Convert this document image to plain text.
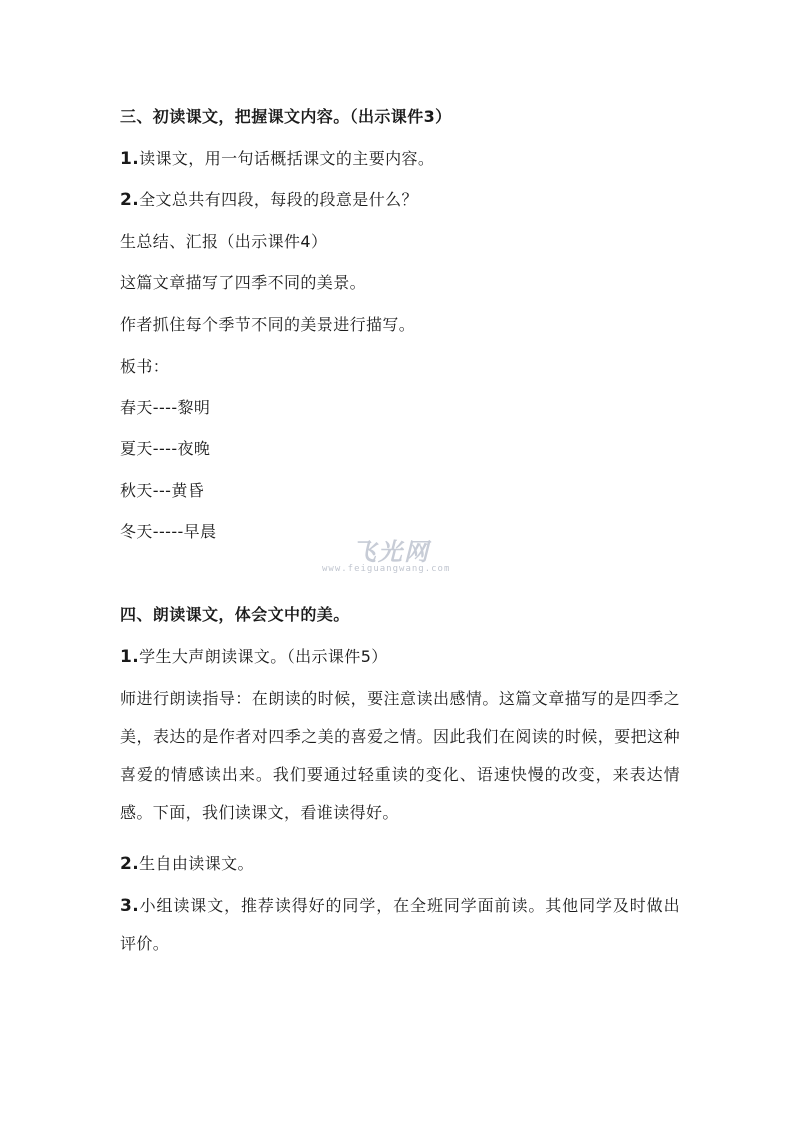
三、初读课文，把握课文内容。（出示课件3）
1.读课文，用一句话概括课文的主要内容。
2.全文总共有四段，每段的段意是什么？
生总结、汇报（出示课件4）
这篇文章描写了四季不同的美景。
作者抓住每个季节不同的美景进行描写。
板书：
春天----黎明
夏天----夜晚
秋天---黄昏
冬天-----早晨
飞光网
www.feiguangwang.com
四、朗读课文，体会文中的美。
1.学生大声朗读课文。（出示课件5）
师进行朗读指导：在朗读的时候，要注意读出感情。这篇文章描写的是四季之美，表达的是作者对四季之美的喜爱之情。因此我们在阅读的时候，要把这种喜爱的情感读出来。我们要通过轻重读的变化、语速快慢的改变，来表达情感。下面，我们读课文，看谁读得好。
2.生自由读课文。
3.小组读课文，推荐读得好的同学，在全班同学面前读。其他同学及时做出评价。
